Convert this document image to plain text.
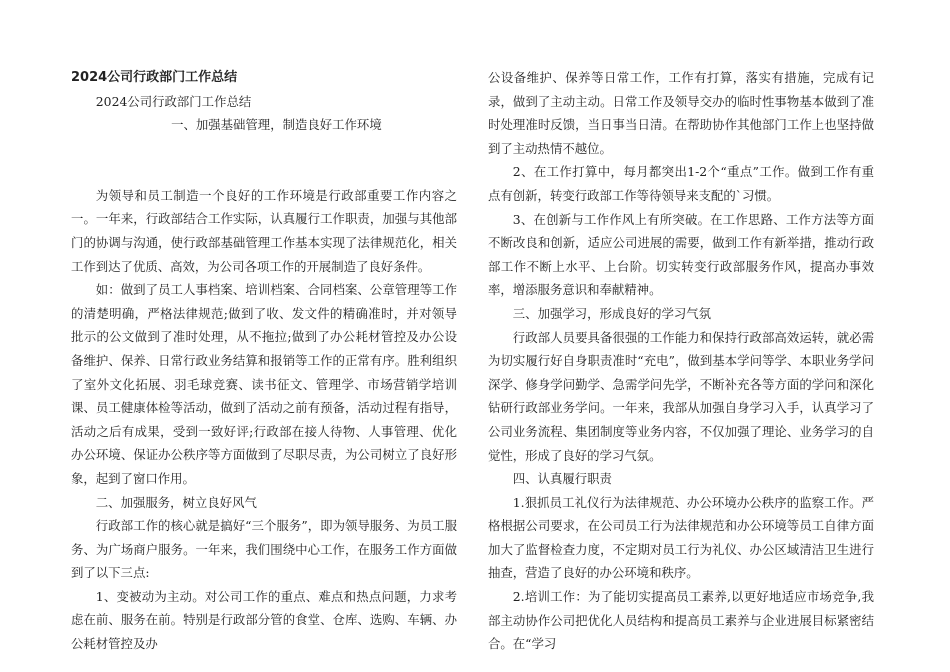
2024公司行政部门工作总结

2024公司行政部门工作总结

一、加强基础管理，制造良好工作环境

为领导和员工制造一个良好的工作环境是行政部重要工作内容之一。一年来，行政部结合工作实际，认真履行工作职责，加强与其他部门的协调与沟通，使行政部基础管理工作基本实现了法律规范化，相关工作到达了优质、高效，为公司各项工作的开展制造了良好条件。

如：做到了员工人事档案、培训档案、合同档案、公章管理等工作的清楚明确，严格法律规范;做到了收、发文件的精确准时，并对领导批示的公文做到了准时处理，从不拖拉;做到了办公耗材管控及办公设备维护、保养、日常行政业务结算和报销等工作的正常有序。胜利组织了室外文化拓展、羽毛球竞赛、读书征文、管理学、市场营销学培训课、员工健康体检等活动，做到了活动之前有预备，活动过程有指导，活动之后有成果，受到一致好评;行政部在接人待物、人事管理、优化办公环境、保证办公秩序等方面做到了尽职尽责，为公司树立了良好形象，起到了窗口作用。

二、加强服务，树立良好风气

行政部工作的核心就是搞好“三个服务”，即为领导服务、为员工服务、为广场商户服务。一年来，我们围绕中心工作，在服务工作方面做到了以下三点:

1、变被动为主动。对公司工作的重点、难点和热点问题，力求考虑在前、服务在前。特别是行政部分管的食堂、仓库、选购、车辆、办公耗材管控及办

公设备维护、保养等日常工作，工作有打算，落实有措施，完成有记录，做到了主动主动。日常工作及领导交办的临时性事物基本做到了准时处理准时反馈，当日事当日清。在帮助协作其他部门工作上也坚持做到了主动热情不越位。

2、在工作打算中，每月都突出1-2个“重点”工作。做到工作有重点有创新，转变行政部工作等待领导来支配的`习惯。

3、在创新与工作作风上有所突破。在工作思路、工作方法等方面不断改良和创新，适应公司进展的需要，做到工作有新举措，推动行政部工作不断上水平、上台阶。切实转变行政部服务作风，提高办事效率，增添服务意识和奉献精神。

三、加强学习，形成良好的学习气氛

行政部人员要具备很强的工作能力和保持行政部高效运转，就必需为切实履行好自身职责准时“充电”，做到基本学问等学、本职业务学问深学、修身学问勤学、急需学问先学，不断补充各等方面的学问和深化钻研行政部业务学问。一年来，我部从加强自身学习入手，认真学习了公司业务流程、集团制度等业务内容，不仅加强了理论、业务学习的自觉性，形成了良好的学习气氛。

四、认真履行职责

1.狠抓员工礼仪行为法律规范、办公环境办公秩序的监察工作。严格根据公司要求，在公司员工行为法律规范和办公环境等员工自律方面加大了监督检查力度，不定期对员工行为礼仪、办公区域清洁卫生进行抽查，营造了良好的办公环境和秩序。

2.培训工作：为了能切实提高员工素养,以更好地适应市场竞争,我部主动协作公司把优化人员结构和提高员工素养与企业进展目标紧密结合。在“学习
